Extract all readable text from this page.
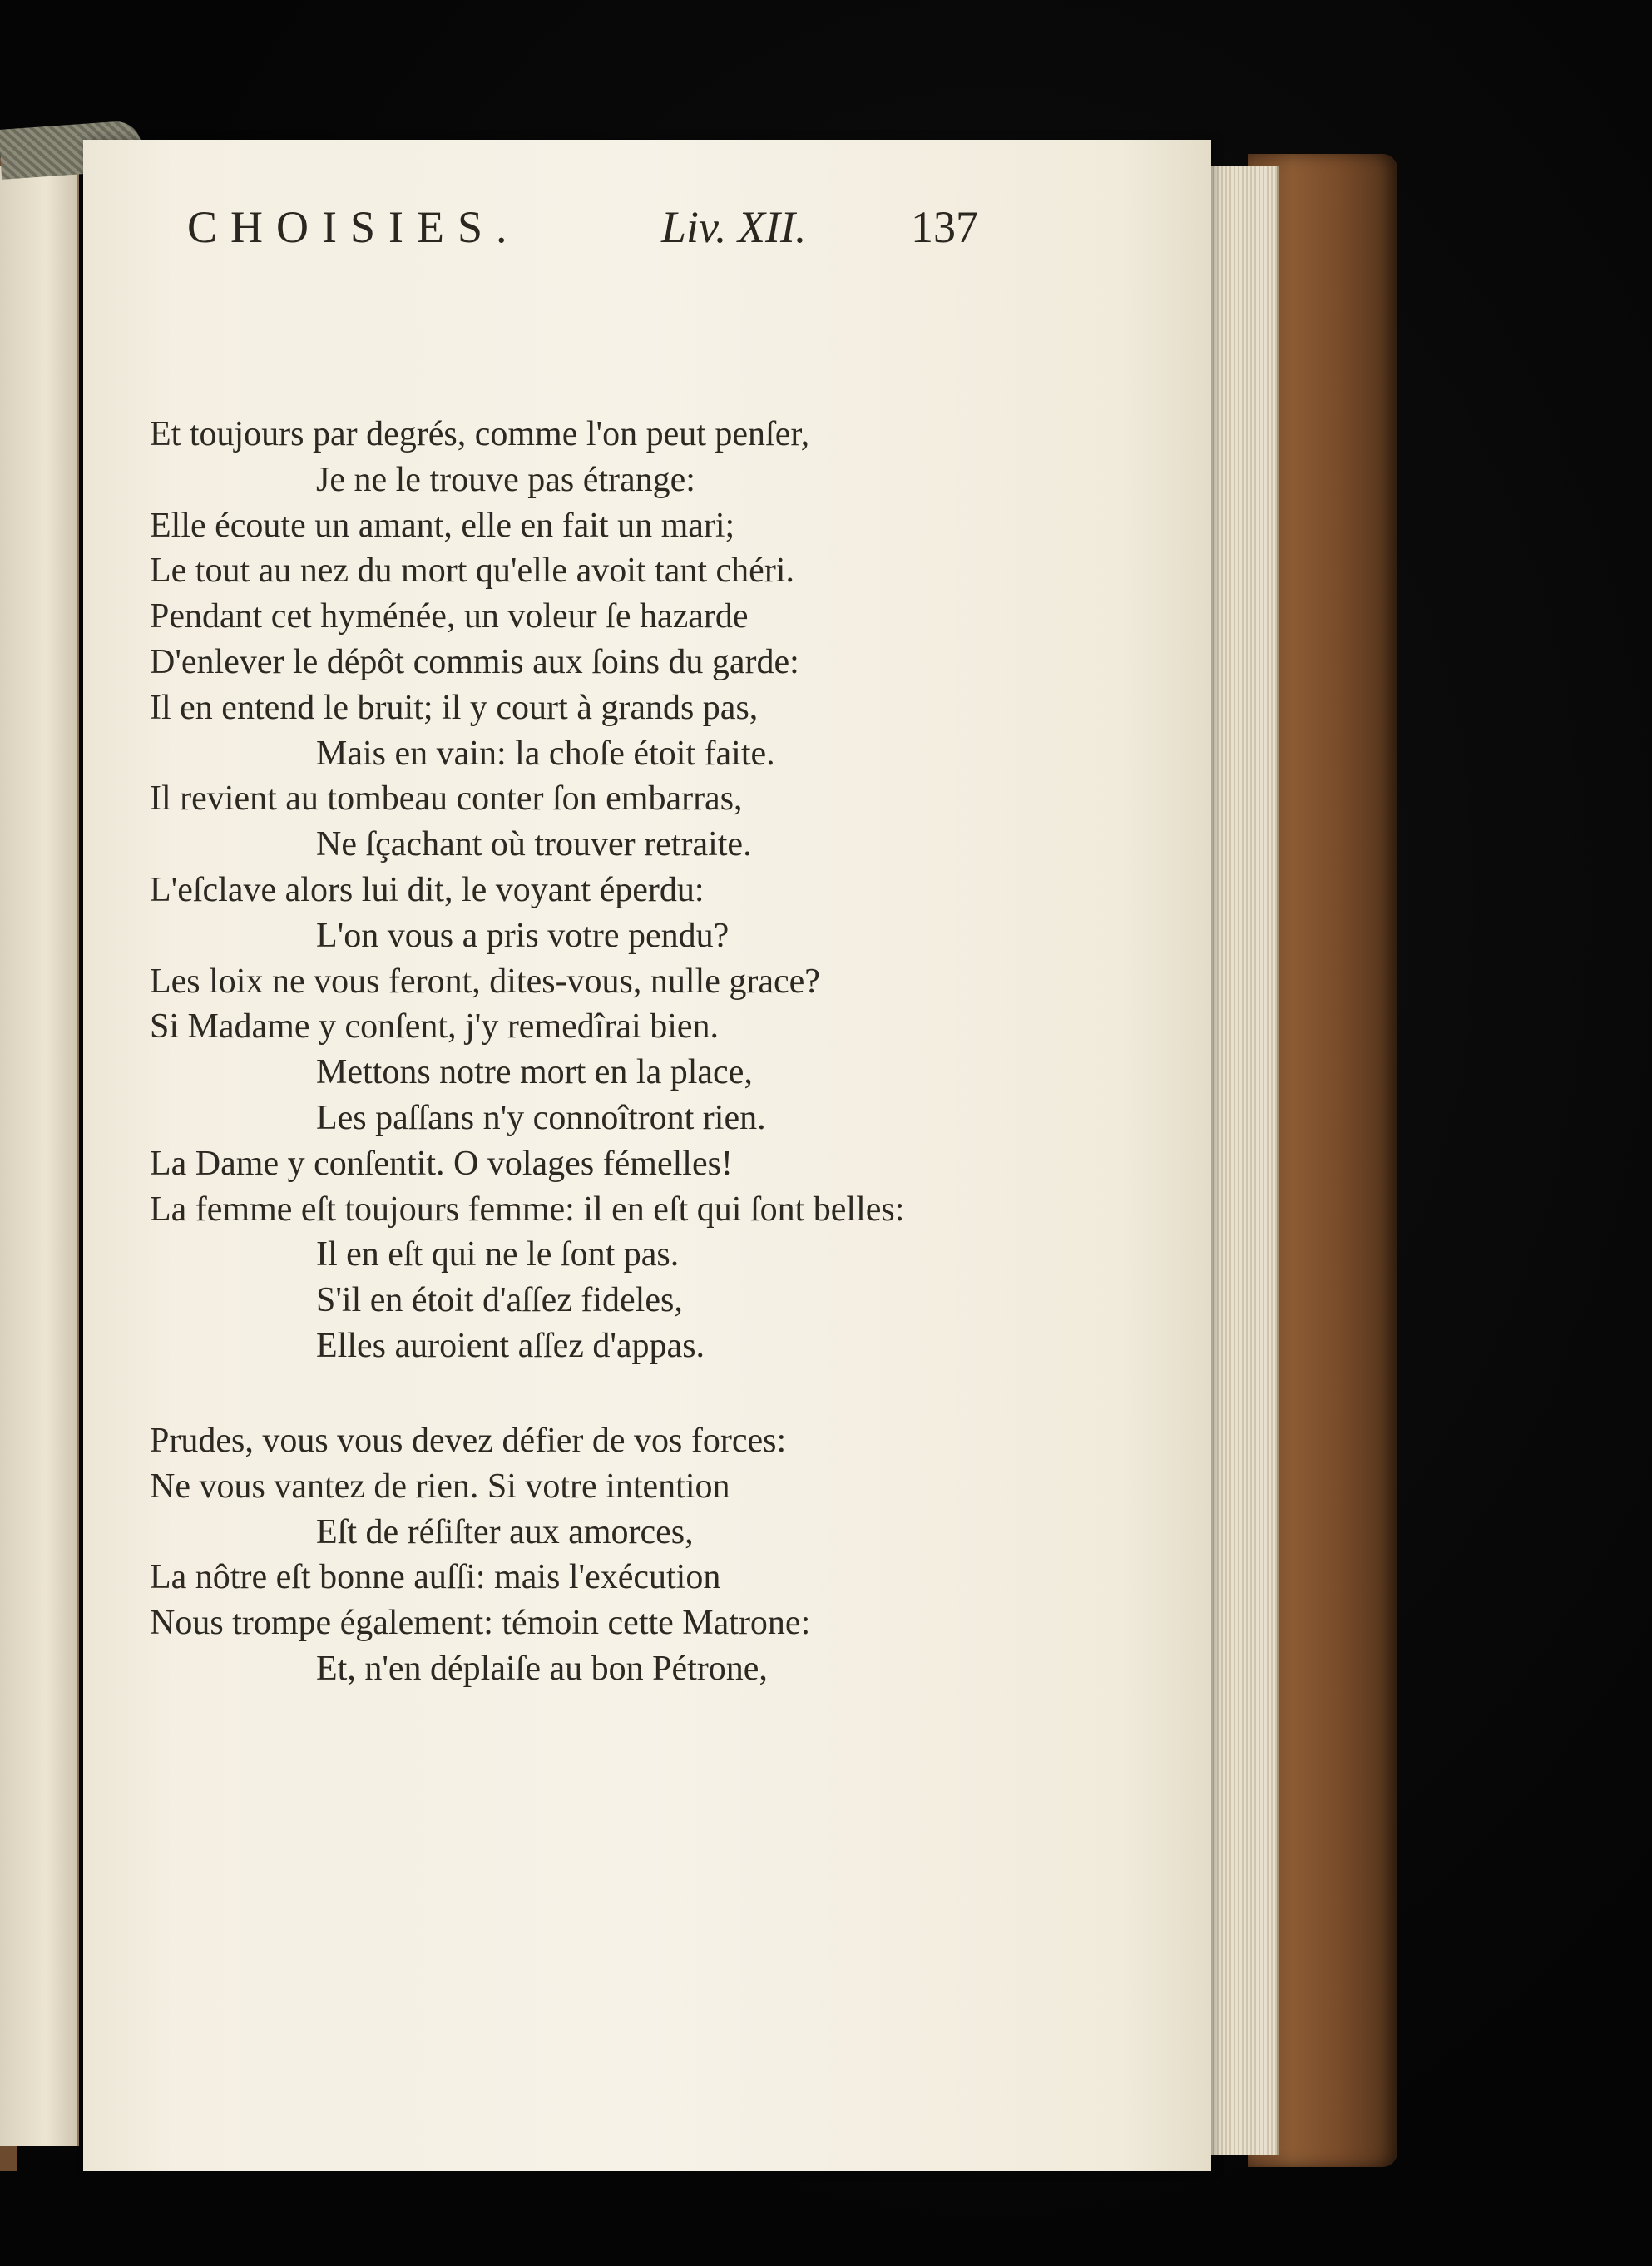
CHOISIES.	Liv. XII. 137
Et toujours par degrés, comme l'on peut penſer,
Je ne le trouve pas étrange:
Elle écoute un amant, elle en fait un mari;
Le tout au nez du mort qu'elle avoit tant chéri.
Pendant cet hyménée, un voleur ſe hazarde
D'enlever le dépôt commis aux ſoins du garde:
Il en entend le bruit; il y court à grands pas,
Mais en vain: la choſe étoit faite.
Il revient au tombeau conter ſon embarras,
Ne ſçachant où trouver retraite.
L'eſclave alors lui dit, le voyant éperdu:
L'on vous a pris votre pendu?
Les loix ne vous feront, dites-vous, nulle grace?
Si Madame y conſent, j'y remedîrai bien.
Mettons notre mort en la place,
Les paſſans n'y connoîtront rien.
La Dame y conſentit. O volages fémelles!
La femme eſt toujours femme: il en eſt qui ſont belles:
Il en eſt qui ne le ſont pas.
S'il en étoit d'aſſez fideles,
Elles auroient aſſez d'appas.
Prudes, vous vous devez défier de vos forces:
Ne vous vantez de rien. Si votre intention
Eſt de réſiſter aux amorces,
La nôtre eſt bonne auſſi: mais l'exécution
Nous trompe également: témoin cette Matrone:
Et, n'en déplaiſe au bon Pétrone,
